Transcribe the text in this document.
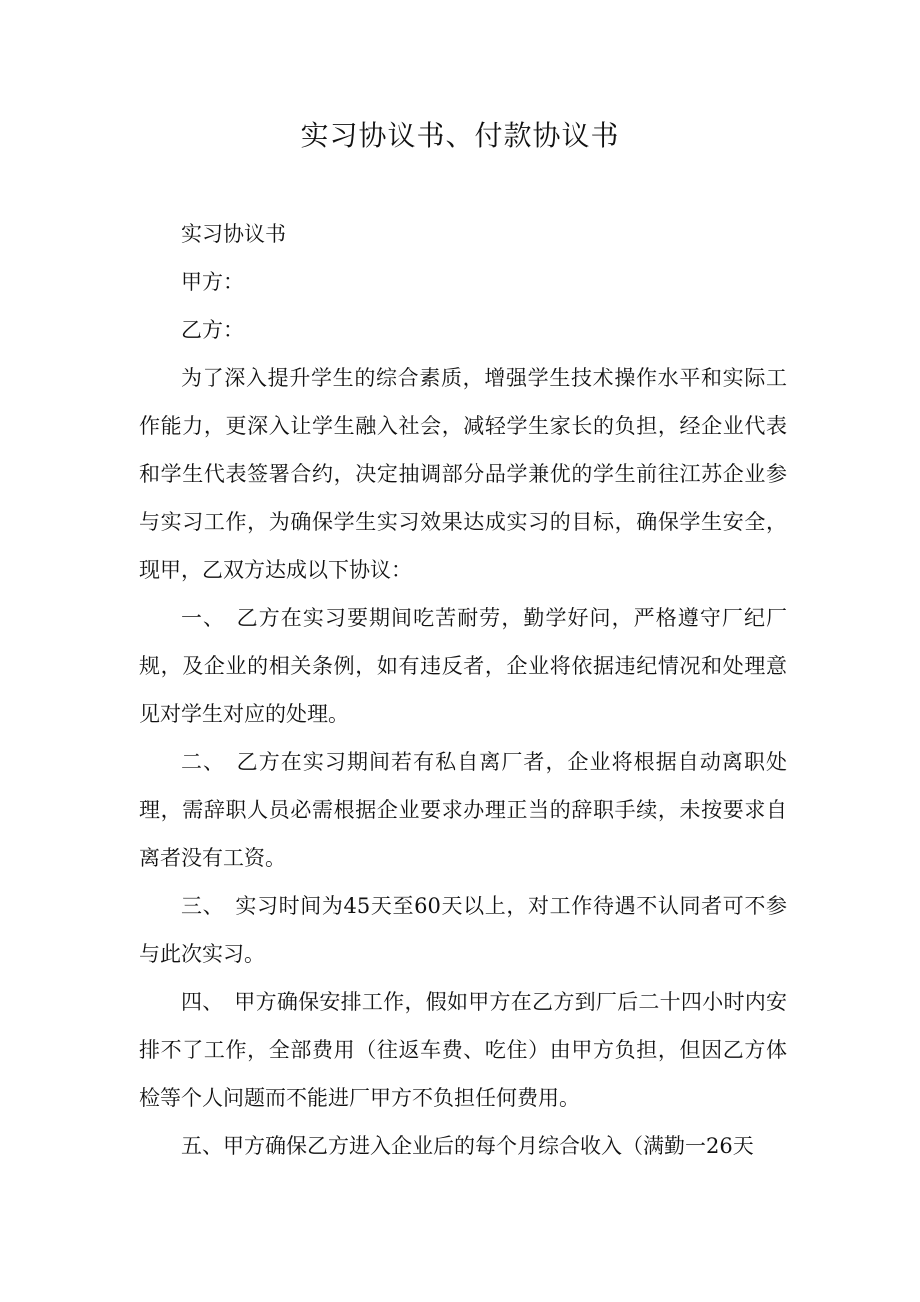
实习协议书、付款协议书

实习协议书

甲方：

乙方：

为了深入提升学生的综合素质，增强学生技术操作水平和实际工作能力，更深入让学生融入社会，减轻学生家长的负担，经企业代表和学生代表签署合约，决定抽调部分品学兼优的学生前往江苏企业参与实习工作，为确保学生实习效果达成实习的目标，确保学生安全，现甲，乙双方达成以下协议：

一、　乙方在实习要期间吃苦耐劳，勤学好问，严格遵守厂纪厂规，及企业的相关条例，如有违反者，企业将依据违纪情况和处理意见对学生对应的处理。

二、　乙方在实习期间若有私自离厂者，企业将根据自动离职处理，需辞职人员必需根据企业要求办理正当的辞职手续，未按要求自离者没有工资。

三、　实习时间为45天至60天以上，对工作待遇不认同者可不参与此次实习。

四、　甲方确保安排工作，假如甲方在乙方到厂后二十四小时内安排不了工作，全部费用（往返车费、吃住）由甲方负担，但因乙方体检等个人问题而不能进厂甲方不负担任何费用。

五、甲方确保乙方进入企业后的每个月综合收入（满勤一26天
